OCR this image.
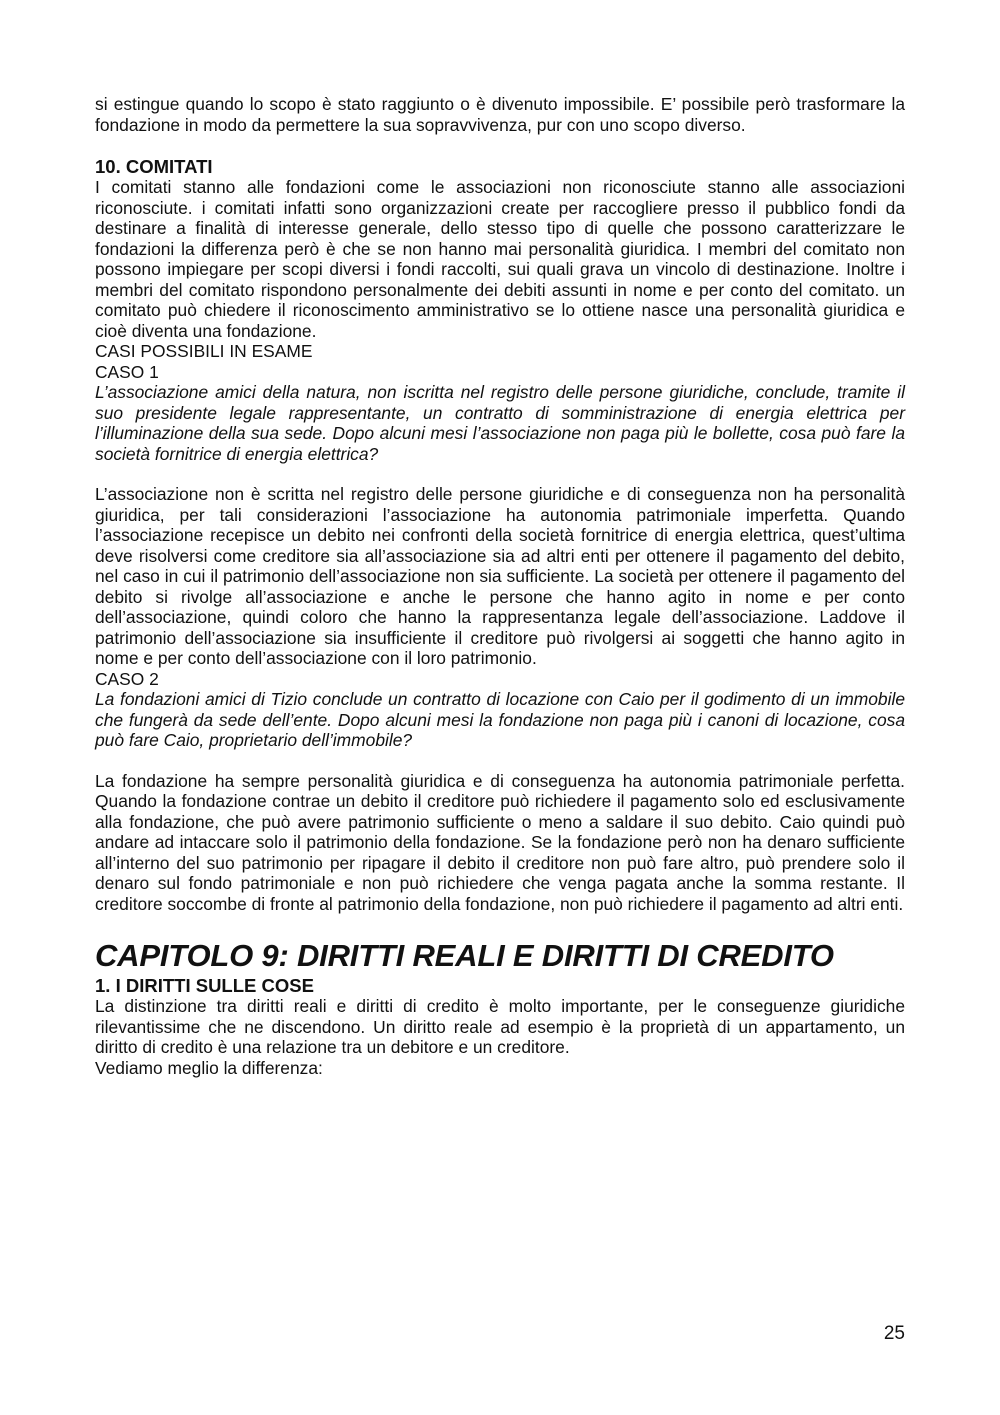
si estingue quando lo scopo è stato raggiunto o è divenuto impossibile. E’ possibile però trasformare la fondazione in modo da permettere la sua sopravvivenza, pur con uno scopo diverso.

10. COMITATI

I comitati stanno alle fondazioni come le associazioni non riconosciute stanno alle associazioni riconosciute. i comitati infatti sono organizzazioni create per raccogliere presso il pubblico fondi da destinare a finalità di interesse generale, dello stesso tipo di quelle che possono caratterizzare le fondazioni la differenza però è che se non hanno mai personalità giuridica. I membri del comitato non possono impiegare per scopi diversi i fondi raccolti, sui quali grava un vincolo di destinazione. Inoltre i membri del comitato rispondono personalmente dei debiti assunti in nome e per conto del comitato. un comitato può chiedere il riconoscimento amministrativo se lo ottiene nasce una personalità giuridica e cioè diventa una fondazione.

CASI POSSIBILI IN ESAME
CASO 1

L’associazione amici della natura, non iscritta nel registro delle persone giuridiche, conclude, tramite il suo presidente legale rappresentante, un contratto di somministrazione di energia elettrica per l’illuminazione della sua sede. Dopo alcuni mesi l’associazione non paga più le bollette, cosa può fare la società fornitrice di energia elettrica?

L’associazione non è scritta nel registro delle persone giuridiche e di conseguenza non ha personalità giuridica, per tali considerazioni l’associazione ha autonomia patrimoniale imperfetta. Quando l’associazione recepisce un debito nei confronti della società fornitrice di energia elettrica, quest’ultima deve risolversi come creditore sia all’associazione sia ad altri enti per ottenere il pagamento del debito, nel caso in cui il patrimonio dell’associazione non sia sufficiente. La società per ottenere il pagamento del debito si rivolge all’associazione e anche le persone che hanno agito in nome e per conto dell’associazione, quindi coloro che hanno la rappresentanza legale dell’associazione. Laddove il patrimonio dell’associazione sia insufficiente il creditore può rivolgersi ai soggetti che hanno agito in nome e per conto dell’associazione con il loro patrimonio.

CASO 2

La fondazioni amici di Tizio conclude un contratto di locazione con Caio per il godimento di un immobile che fungerà da sede dell’ente. Dopo alcuni mesi la fondazione non paga più i canoni di locazione, cosa può fare Caio, proprietario dell’immobile?

La fondazione ha sempre personalità giuridica e di conseguenza ha autonomia patrimoniale perfetta. Quando la fondazione contrae un debito il creditore può richiedere il pagamento solo ed esclusivamente alla fondazione, che può avere patrimonio sufficiente o meno a saldare il suo debito. Caio quindi può andare ad intaccare solo il patrimonio della fondazione. Se la fondazione però non ha denaro sufficiente all’interno del suo patrimonio per ripagare il debito il creditore non può fare altro, può prendere solo il denaro sul fondo patrimoniale e non può richiedere che venga pagata anche la somma restante. Il creditore soccombe di fronte al patrimonio della fondazione, non può richiedere il pagamento ad altri enti.

CAPITOLO 9: DIRITTI REALI E DIRITTI DI CREDITO
1. I DIRITTI SULLE COSE

La distinzione tra diritti reali e diritti di credito è molto importante, per le conseguenze giuridiche rilevantissime che ne discendono. Un diritto reale ad esempio è la proprietà di un appartamento, un diritto di credito è una relazione tra un debitore e un creditore.

Vediamo meglio la differenza:
25
